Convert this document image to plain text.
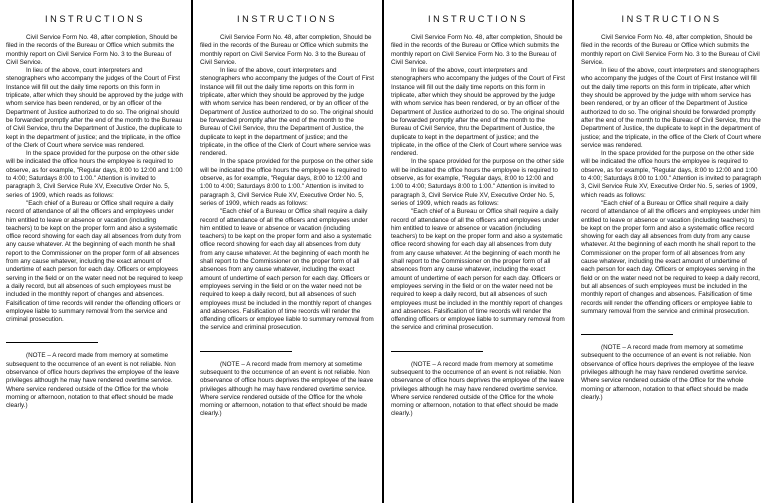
INSTRUCTIONS

Civil Service Form No. 48, after completion, Should be filed in the records of the Bureau or Office which submits the monthly report on Civil Service Form No. 3 to the Bureau of Civil Service.

In lieu of the above, court interpreters and stenographers who accompany the judges of the Court of First Instance will fill out the daily time reports on this form in triplicate, after which they should be approved by the judge with whom service has been rendered, or by an officer of the Department of Justice authorized to do so. The original should be forwarded promptly after the end of the month to the Bureau of Civil Service, thru the Department of Justice, the duplicate to kept in the department of justice; and the triplicate, in the office of the Clerk of Court where service was rendered.

In the space provided for the purpose on the other side will be indicated the office hours the employee is required to observe, as for example, "Regular days, 8:00 to 12:00 and 1:00 to 4:00; Saturdays 8:00 to 1:00." Attention is invited to paragraph 3, Civil Service Rule XV, Executive Order No. 5, series of 1909, which reads as follows:

"Each chief of a Bureau or Office shall require a daily record of attendance of all the officers and employees under him entitled to leave or absence or vacation (including teachers) to be kept on the proper form and also a systematic office record showing for each day all absences from duty from any cause whatever. At the beginning of each month he shall report to the Commissioner on the proper form of all absences from any cause whatever, including the exact amount of undertime of each person for each day. Officers or employees serving in the field or on the water need not be required to keep a daily record, but all absences of such employees must be included in the monthly report of changes and absences. Falsification of time records will render the offending officers or employee liable to summary removal from the service and criminal prosecution.

(NOTE – A record made from memory at sometime subsequent to the occurrence of an event is not reliable. Non observance of office hours deprives the employee of the leave privileges although he may have rendered overtime service. Where service rendered outside of the Office for the whole morning or afternoon, notation to that effect should be made clearly.)

INSTRUCTIONS

Civil Service Form No. 48, after completion, Should be filed in the records of the Bureau or Office which submits the monthly report on Civil Service Form No. 3 to the Bureau of Civil Service.

In lieu of the above, court interpreters and stenographers who accompany the judges of the Court of First Instance will fill out the daily time reports on this form in triplicate, after which they should be approved by the judge with whom service has been rendered, or by an officer of the Department of Justice authorized to do so. The original should be forwarded promptly after the end of the month to the Bureau of Civil Service, thru the Department of Justice, the duplicate to kept in the department of justice; and the triplicate, in the office of the Clerk of Court where service was rendered.

In the space provided for the purpose on the other side will be indicated the office hours the employee is required to observe, as for example, "Regular days, 8:00 to 12:00 and 1:00 to 4:00; Saturdays 8:00 to 1:00." Attention is invited to paragraph 3, Civil Service Rule XV, Executive Order No. 5, series of 1909, which reads as follows:

"Each chief of a Bureau or Office shall require a daily record of attendance of all the officers and employees under him entitled to leave or absence or vacation (including teachers) to be kept on the proper form and also a systematic office record showing for each day all absences from duty from any cause whatever. At the beginning of each month he shall report to the Commissioner on the proper form of all absences from any cause whatever, including the exact amount of undertime of each person for each day. Officers or employees serving in the field or on the water need not be required to keep a daily record, but all absences of such employees must be included in the monthly report of changes and absences. Falsification of time records will render the offending officers or employee liable to summary removal from the service and criminal prosecution.

(NOTE – A record made from memory at sometime subsequent to the occurrence of an event is not reliable. Non observance of office hours deprives the employee of the leave privileges although he may have rendered overtime service. Where service rendered outside of the Office for the whole morning or afternoon, notation to that effect should be made clearly.)

INSTRUCTIONS

Civil Service Form No. 48, after completion, Should be filed in the records of the Bureau or Office which submits the monthly report on Civil Service Form No. 3 to the Bureau of Civil Service.

In lieu of the above, court interpreters and stenographers who accompany the judges of the Court of First Instance will fill out the daily time reports on this form in triplicate, after which they should be approved by the judge with whom service has been rendered, or by an officer of the Department of Justice authorized to do so. The original should be forwarded promptly after the end of the month to the Bureau of Civil Service, thru the Department of Justice, the duplicate to kept in the department of justice; and the triplicate, in the office of the Clerk of Court where service was rendered.

In the space provided for the purpose on the other side will be indicated the office hours the employee is required to observe, as for example, "Regular days, 8:00 to 12:00 and 1:00 to 4:00; Saturdays 8:00 to 1:00." Attention is invited to paragraph 3, Civil Service Rule XV, Executive Order No. 5, series of 1909, which reads as follows:

"Each chief of a Bureau or Office shall require a daily record of attendance of all the officers and employees under him entitled to leave or absence or vacation (including teachers) to be kept on the proper form and also a systematic office record showing for each day all absences from duty from any cause whatever. At the beginning of each month he shall report to the Commissioner on the proper form of all absences from any cause whatever, including the exact amount of undertime of each person for each day. Officers or employees serving in the field or on the water need not be required to keep a daily record, but all absences of such employees must be included in the monthly report of changes and absences. Falsification of time records will render the offending officers or employee liable to summary removal from the service and criminal prosecution.

(NOTE – A record made from memory at sometime subsequent to the occurrence of an event is not reliable. Non observance of office hours deprives the employee of the leave privileges although he may have rendered overtime service. Where service rendered outside of the Office for the whole morning or afternoon, notation to that effect should be made clearly.)

INSTRUCTIONS

Civil Service Form No. 48, after completion, Should be filed in the records of the Bureau or Office which submits the monthly report on Civil Service Form No. 3 to the Bureau of Civil Service.

In lieu of the above, court interpreters and stenographers who accompany the judges of the Court of First Instance will fill out the daily time reports on this form in triplicate, after which they should be approved by the judge with whom service has been rendered, or by an officer of the Department of Justice authorized to do so. The original should be forwarded promptly after the end of the month to the Bureau of Civil Service, thru the Department of Justice, the duplicate to kept in the department of justice; and the triplicate, in the office of the Clerk of Court where service was rendered.

In the space provided for the purpose on the other side will be indicated the office hours the employee is required to observe, as for example, "Regular days, 8:00 to 12:00 and 1:00 to 4:00; Saturdays 8:00 to 1:00." Attention is invited to paragraph 3, Civil Service Rule XV, Executive Order No. 5, series of 1909, which reads as follows:

"Each chief of a Bureau or Office shall require a daily record of attendance of all the officers and employees under him entitled to leave or absence or vacation (including teachers) to be kept on the proper form and also a systematic office record showing for each day all absences from duty from any cause whatever. At the beginning of each month he shall report to the Commissioner on the proper form of all absences from any cause whatever, including the exact amount of undertime of each person for each day. Officers or employees serving in the field or on the water need not be required to keep a daily record, but all absences of such employees must be included in the monthly report of changes and absences. Falsification of time records will render the offending officers or employee liable to summary removal from the service and criminal prosecution.

(NOTE – A record made from memory at sometime subsequent to the occurrence of an event is not reliable. Non observance of office hours deprives the employee of the leave privileges although he may have rendered overtime service. Where service rendered outside of the Office for the whole morning or afternoon, notation to that effect should be made clearly.)
